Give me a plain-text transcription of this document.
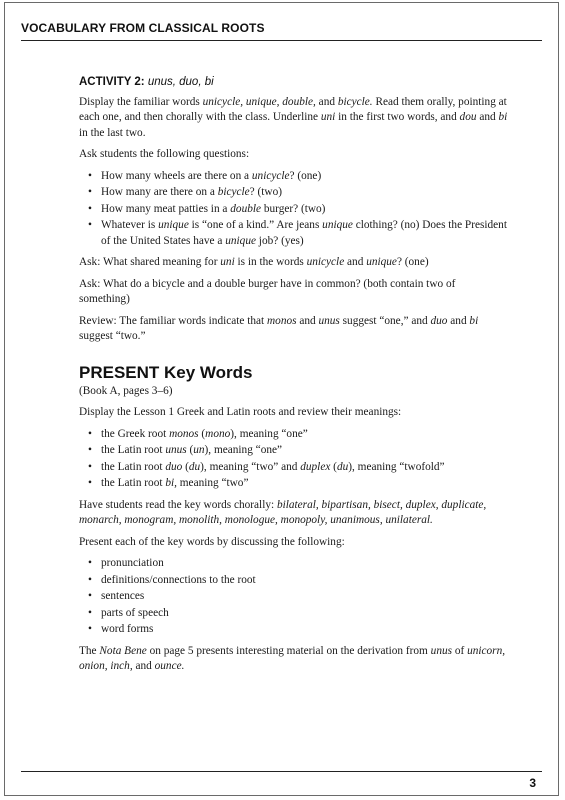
VOCABULARY FROM CLASSICAL ROOTS
ACTIVITY 2: unus, duo, bi

Display the familiar words unicycle, unique, double, and bicycle. Read them orally, pointing at each one, and then chorally with the class. Underline uni in the first two words, and dou and bi in the last two.

Ask students the following questions:

• How many wheels are there on a unicycle? (one)
• How many are there on a bicycle? (two)
• How many meat patties in a double burger? (two)
• Whatever is unique is “one of a kind.” Are jeans unique clothing? (no) Does the President of the United States have a unique job? (yes)

Ask: What shared meaning for uni is in the words unicycle and unique? (one)

Ask: What do a bicycle and a double burger have in common? (both contain two of something)

Review: The familiar words indicate that monos and unus suggest “one,” and duo and bi suggest “two.”

PRESENT Key Words

(Book A, pages 3–6)

Display the Lesson 1 Greek and Latin roots and review their meanings:

• the Greek root monos (mono), meaning “one”
• the Latin root unus (un), meaning “one”
• the Latin root duo (du), meaning “two” and duplex (du), meaning “twofold”
• the Latin root bi, meaning “two”

Have students read the key words chorally: bilateral, bipartisan, bisect, duplex, duplicate, monarch, monogram, monolith, monologue, monopoly, unanimous, unilateral.

Present each of the key words by discussing the following:

• pronunciation
• definitions/connections to the root
• sentences
• parts of speech
• word forms

The Nota Bene on page 5 presents interesting material on the derivation from unus of unicorn, onion, inch, and ounce.

3
